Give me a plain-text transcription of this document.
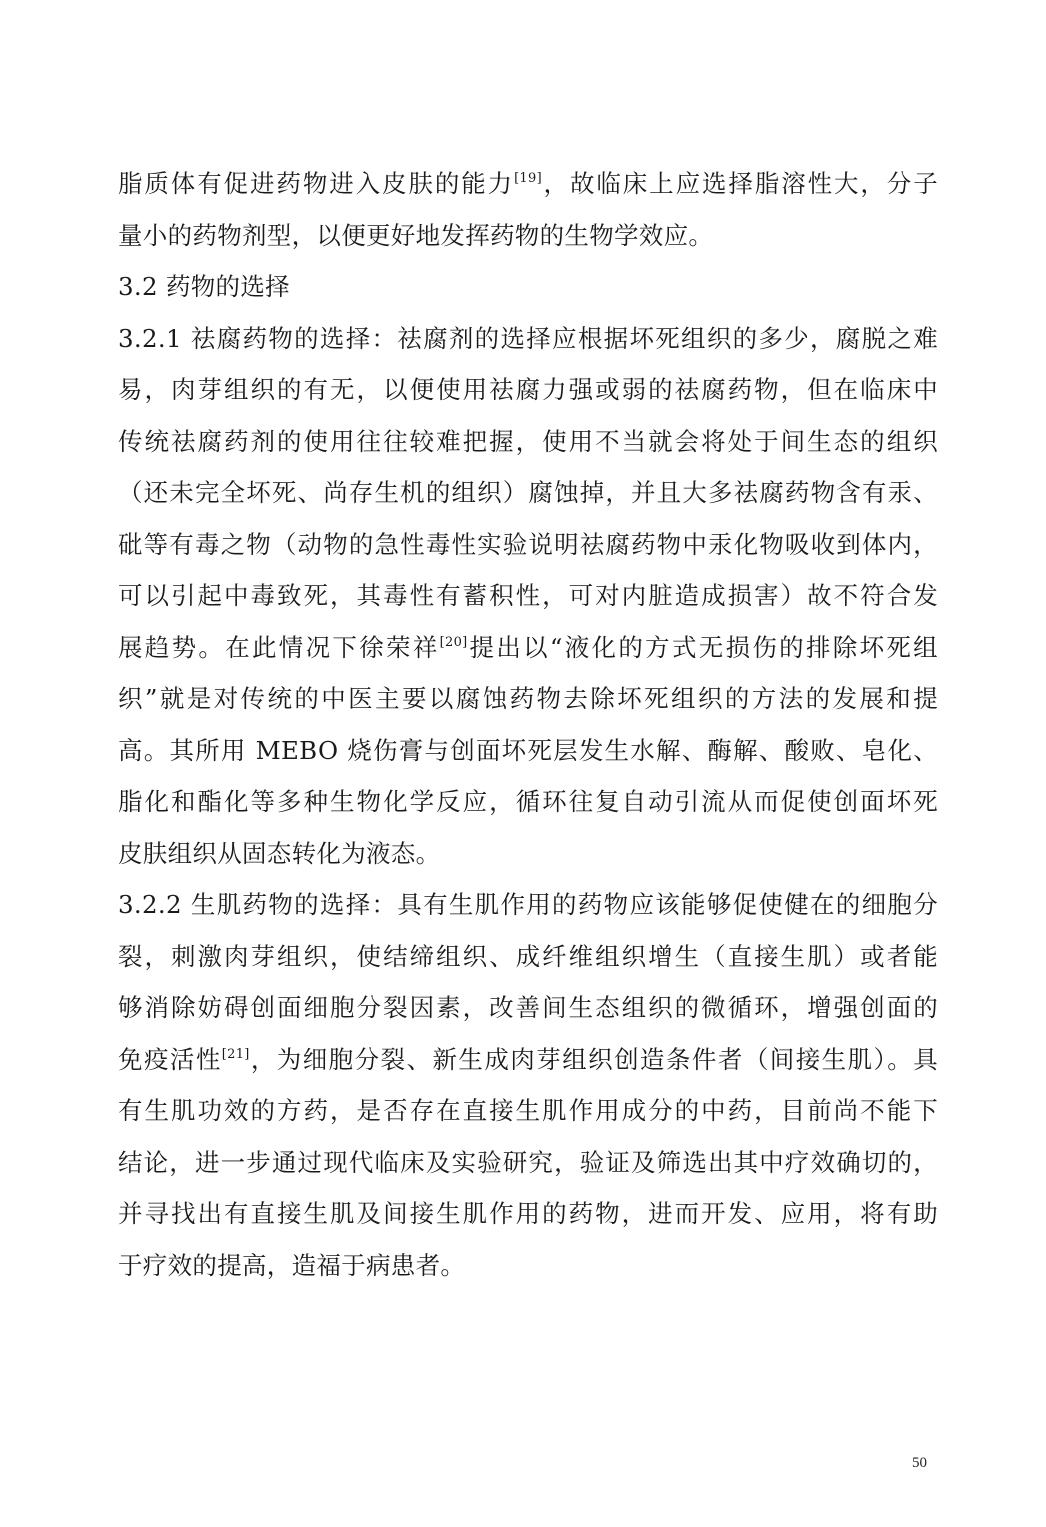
脂质体有促进药物进入皮肤的能力[19]，故临床上应选择脂溶性大，分子
量小的药物剂型，以便更好地发挥药物的生物学效应。
3.2 药物的选择
3.2.1 祛腐药物的选择：祛腐剂的选择应根据坏死组织的多少，腐脱之难
易，肉芽组织的有无，以便使用祛腐力强或弱的祛腐药物，但在临床中
传统祛腐药剂的使用往往较难把握，使用不当就会将处于间生态的组织
（还未完全坏死、尚存生机的组织）腐蚀掉，并且大多祛腐药物含有汞、
砒等有毒之物（动物的急性毒性实验说明祛腐药物中汞化物吸收到体内，
可以引起中毒致死，其毒性有蓄积性，可对内脏造成损害）故不符合发
展趋势。在此情况下徐荣祥[20]提出以“液化的方式无损伤的排除坏死组
织”就是对传统的中医主要以腐蚀药物去除坏死组织的方法的发展和提
高。其所用 MEBO 烧伤膏与创面坏死层发生水解、酶解、酸败、皂化、
脂化和酯化等多种生物化学反应，循环往复自动引流从而促使创面坏死
皮肤组织从固态转化为液态。
3.2.2 生肌药物的选择：具有生肌作用的药物应该能够促使健在的细胞分
裂，刺激肉芽组织，使结缔组织、成纤维组织增生（直接生肌）或者能
够消除妨碍创面细胞分裂因素，改善间生态组织的微循环，增强创面的
免疫活性[21]，为细胞分裂、新生成肉芽组织创造条件者（间接生肌）。具
有生肌功效的方药，是否存在直接生肌作用成分的中药，目前尚不能下
结论，进一步通过现代临床及实验研究，验证及筛选出其中疗效确切的，
并寻找出有直接生肌及间接生肌作用的药物，进而开发、应用，将有助
于疗效的提高，造福于病患者。
50
